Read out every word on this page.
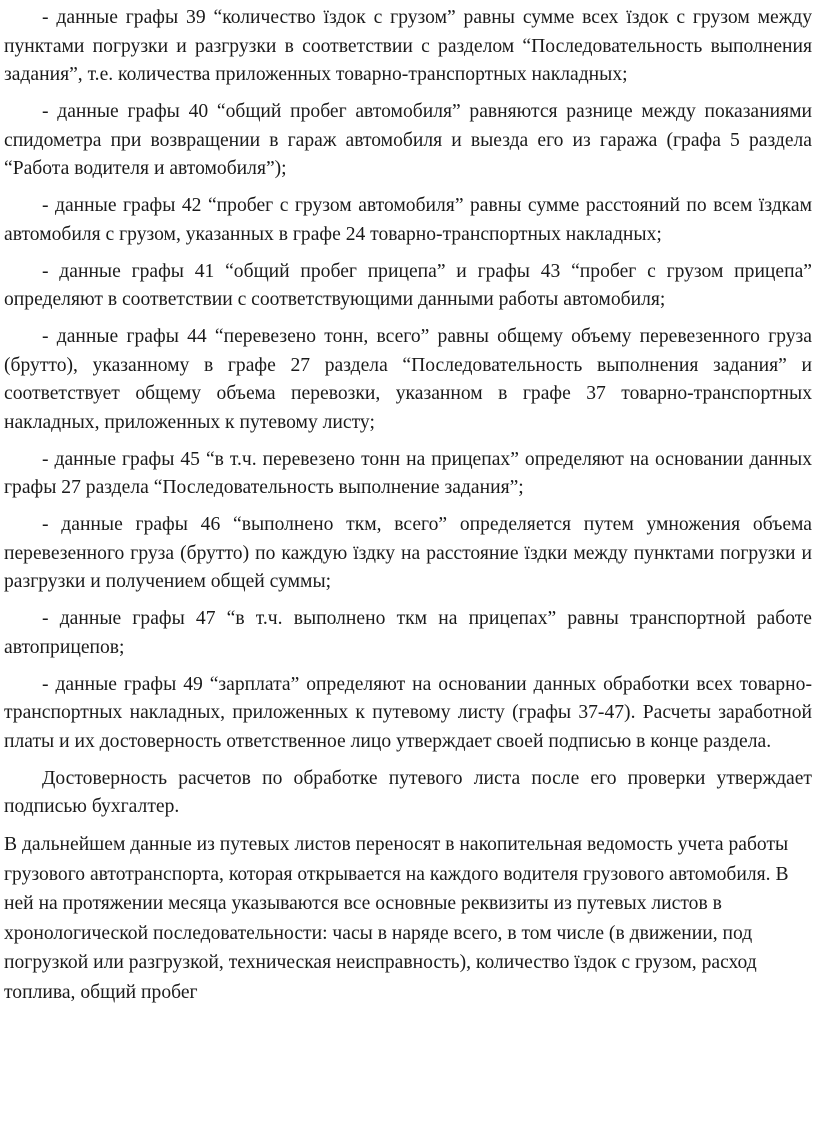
- данные графы 39 “количество ïздок с грузом” равны сумме всех ïздок с грузом между пунктами погрузки и разгрузки в соответствии с разделом “Последовательность выполнения задания”, т.е. количества приложенных товарно-транспортных накладных;

- данные графы 40 “общий пробег автомобиля” равняются разнице между показаниями спидометра при возвращении в гараж автомобиля и выезда его из гаража (графа 5 раздела “Работа водителя и автомобиля”);

- данные графы 42 “пробег с грузом автомобиля” равны сумме расстояний по всем ïздкам автомобиля с грузом, указанных в графе 24 товарно-транспортных накладных;

- данные графы 41 “общий пробег прицепа” и графы 43 “пробег с грузом прицепа” определяют в соответствии с соответствующими данными работы автомобиля;

- данные графы 44 “перевезено тонн, всего” равны общему объему перевезенного груза (брутто), указанному в графе 27 раздела “Последовательность выполнения задания” и соответствует общему объема перевозки, указанном в графе 37 товарно-транспортных накладных, приложенных к путевому листу;

- данные графы 45 “в т.ч. перевезено тонн на прицепах” определяют на основании данных графы 27 раздела “Последовательность выполнение задания”;

- данные графы 46 “выполнено ткм, всего” определяется путем умножения объема перевезенного груза (брутто) по каждую ïздку на расстояние ïздки между пунктами погрузки и разгрузки и получением общей суммы;

- данные графы 47 “в т.ч. выполнено ткм на прицепах” равны транспортной работе автоприцепов;

- данные графы 49 “зарплата” определяют на основании данных обработки всех товарно-транспортных накладных, приложенных к путевому листу (графы 37-47). Расчеты заработной платы и их достоверность ответственное лицо утверждает своей подписью в конце раздела.

Достоверность расчетов по обработке путевого листа после его проверки утверждает подписью бухгалтер.

В дальнейшем данные из путевых листов переносят в накопительная ведомость учета работы грузового автотранспорта, которая открывается на каждого водителя грузового автомобиля. В ней на протяжении месяца указываются все основные реквизиты из путевых листов в хронологической последовательности: часы в наряде всего, в том числе (в движении, под погрузкой или разгрузкой, техническая неисправность), количество ïздок с грузом, расход топлива, общий пробег
